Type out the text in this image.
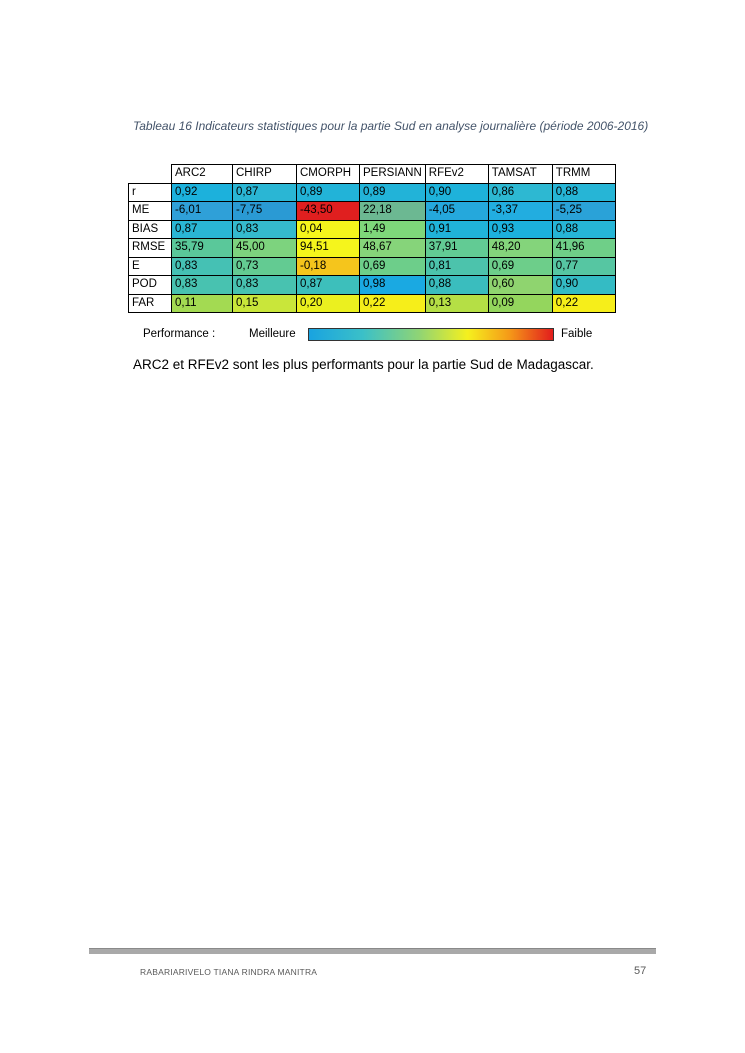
Tableau 16 Indicateurs statistiques pour la partie Sud en analyse journalière (période 2006-2016)
	ARC2	CHIRP	CMORPH	PERSIANN	RFEv2	TAMSAT	TRMM
r	0,92	0,87	0,89	0,89	0,90	0,86	0,88
ME	-6,01	-7,75	-43,50	22,18	-4,05	-3,37	-5,25
BIAS	0,87	0,83	0,04	1,49	0,91	0,93	0,88
RMSE	35,79	45,00	94,51	48,67	37,91	48,20	41,96
E	0,83	0,73	-0,18	0,69	0,81	0,69	0,77
POD	0,83	0,83	0,87	0,98	0,88	0,60	0,90
FAR	0,11	0,15	0,20	0,22	0,13	0,09	0,22
Performance :	Meilleure	Faible
ARC2 et RFEv2 sont les plus performants pour la partie Sud de Madagascar.
RABARIARIVELO TIANA RINDRA MANITRA	57
